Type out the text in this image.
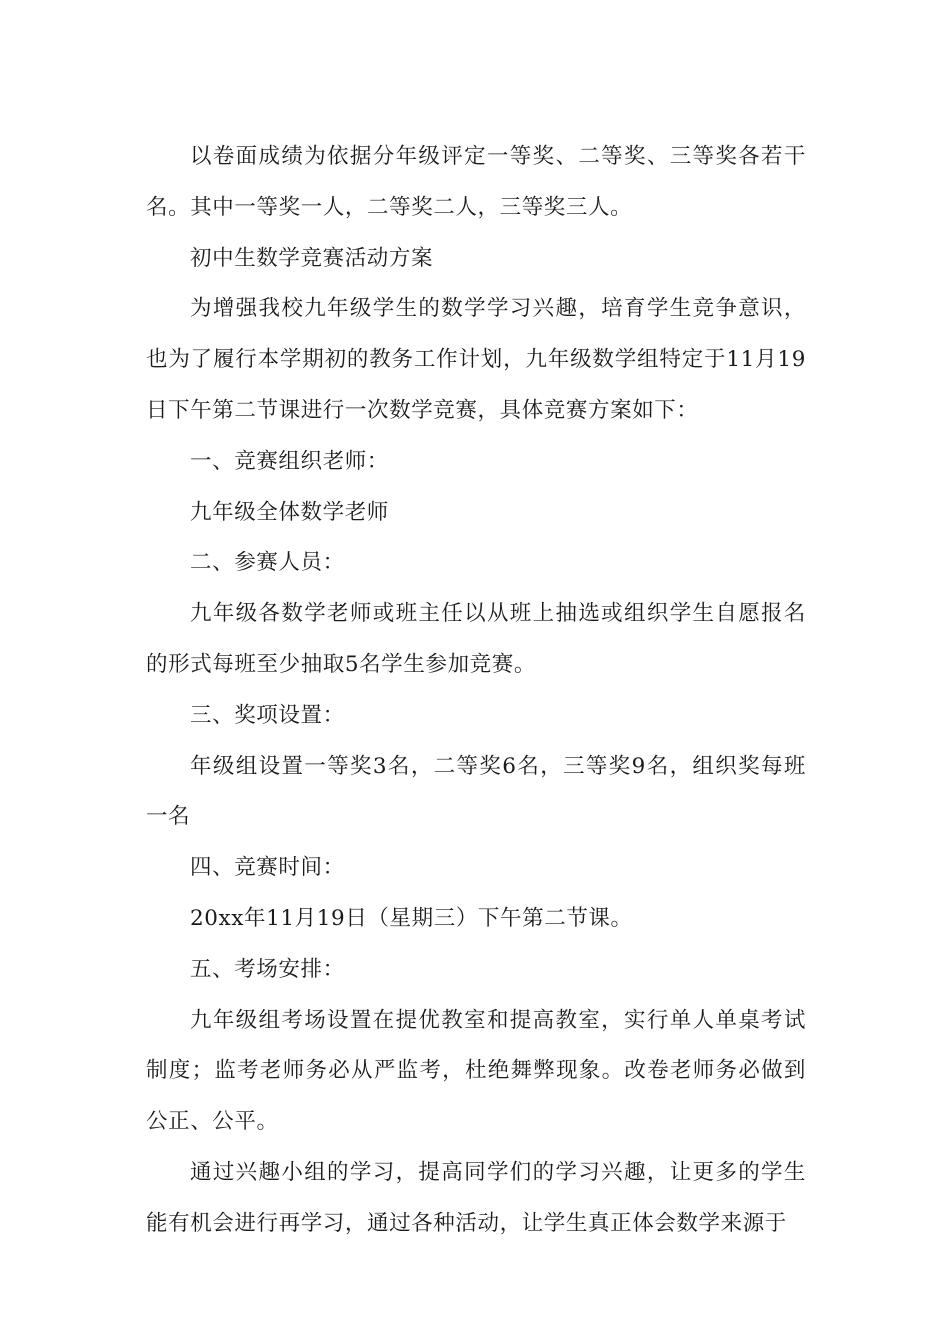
以卷面成绩为依据分年级评定一等奖、二等奖、三等奖各若干名。其中一等奖一人，二等奖二人，三等奖三人。

初中生数学竞赛活动方案

为增强我校九年级学生的数学学习兴趣，培育学生竞争意识，也为了履行本学期初的教务工作计划，九年级数学组特定于11月19日下午第二节课进行一次数学竞赛，具体竞赛方案如下：

一、竞赛组织老师：

九年级全体数学老师

二、参赛人员：

九年级各数学老师或班主任以从班上抽选或组织学生自愿报名的形式每班至少抽取5名学生参加竞赛。

三、奖项设置：

年级组设置一等奖3名，二等奖6名，三等奖9名，组织奖每班一名

四、竞赛时间：

20xx年11月19日（星期三）下午第二节课。

五、考场安排：

九年级组考场设置在提优教室和提高教室，实行单人单桌考试制度；监考老师务必从严监考，杜绝舞弊现象。改卷老师务必做到公正、公平。

通过兴趣小组的学习，提高同学们的学习兴趣，让更多的学生能有机会进行再学习，通过各种活动，让学生真正体会数学来源于
